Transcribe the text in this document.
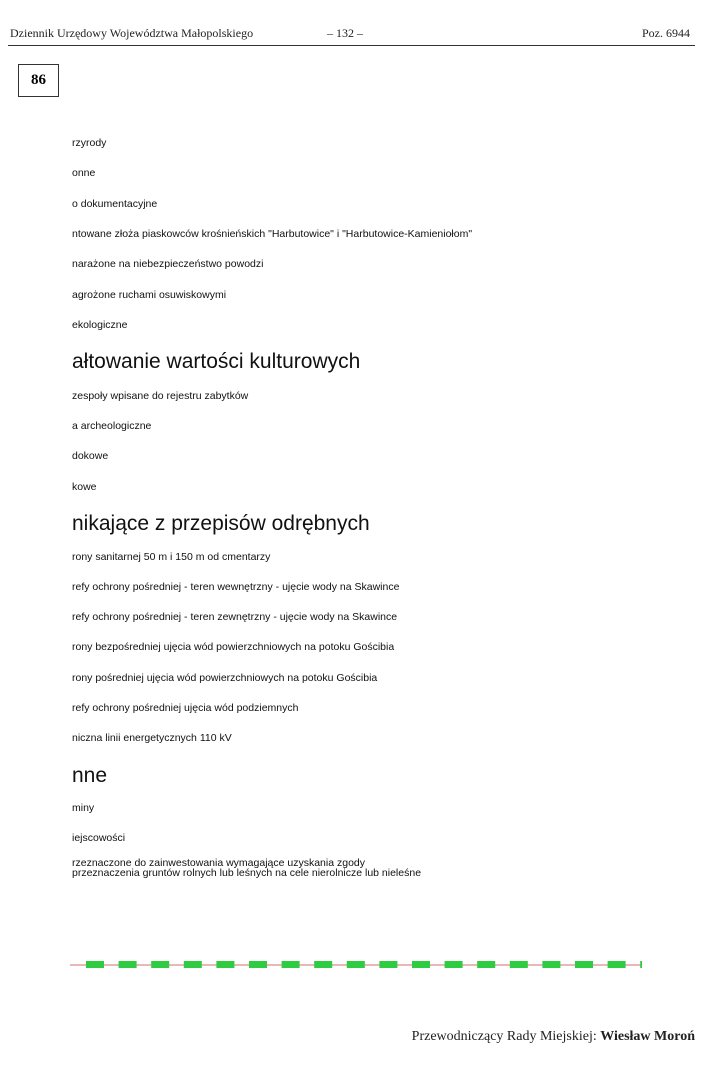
Dziennik Urzędowy Województwa Małopolskiego	– 132 –	Poz. 6944
86
rzyrody
onne
o dokumentacyjne
ntowane złoża piaskowców krośnieńskich "Harbutowice" i "Harbutowice-Kamieniołom"
narażone na niebezpieczeństwo powodzi
agrożone ruchami osuwiskowymi
ekologiczne
ałtowanie wartości kulturowych
zespoły wpisane do rejestru zabytków
a archeologiczne
dokowe
kowe
nikające z przepisów odrębnych
rony sanitarnej 50 m i 150 m od cmentarzy
refy ochrony pośredniej - teren wewnętrzny - ujęcie wody na Skawince
refy ochrony pośredniej - teren zewnętrzny - ujęcie wody na Skawince
rony bezpośredniej ujęcia wód powierzchniowych na potoku Gościbia
rony pośredniej ujęcia wód powierzchniowych na potoku Gościbia
refy ochrony pośredniej ujęcia wód podziemnych
niczna linii energetycznych 110 kV
nne
miny
iejscowości
rzeznaczone do zainwestowania wymagające uzyskania zgody
przeznaczenia gruntów rolnych lub leśnych na cele nierolnicze lub nieleśne
Przewodniczący Rady Miejskiej: Wiesław Moroń
